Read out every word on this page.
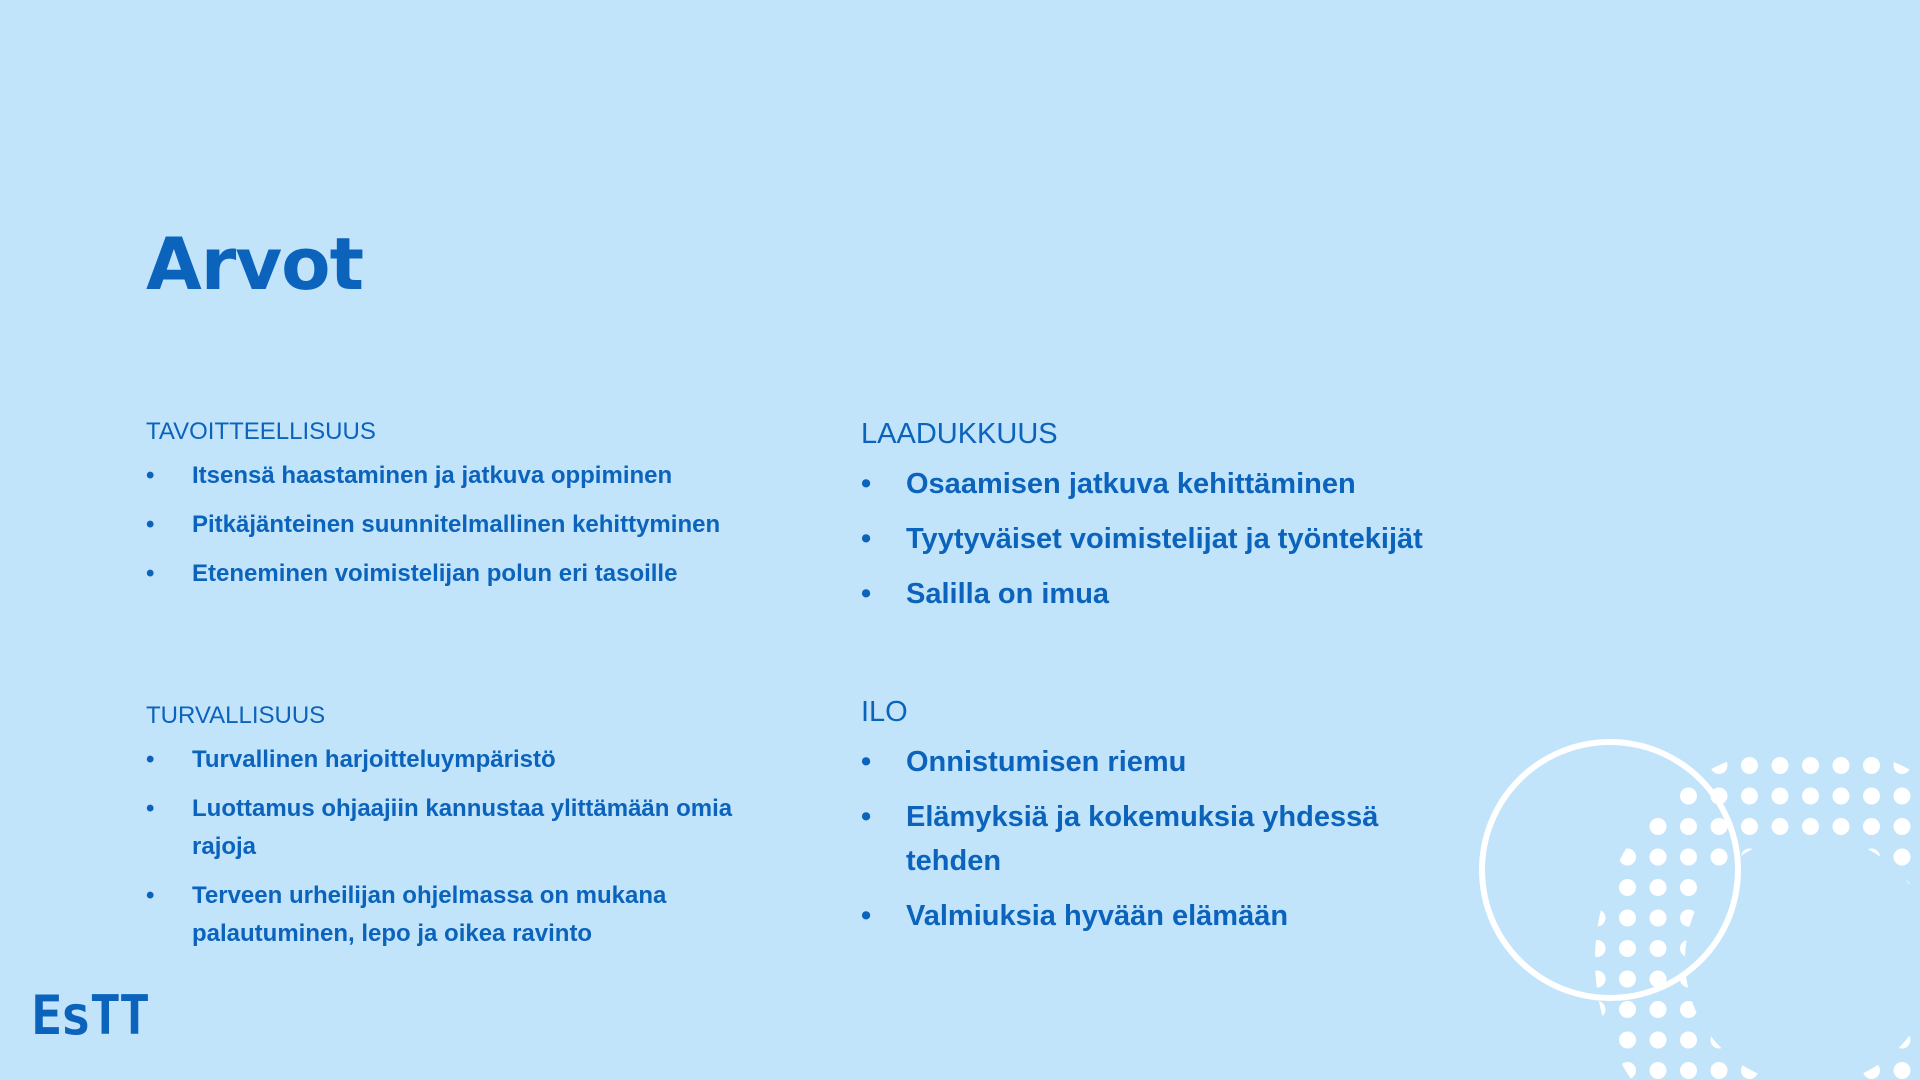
Arvot
TAVOITTEELLISUUS
• Itsensä haastaminen ja jatkuva oppiminen
• Pitkäjänteinen suunnitelmallinen kehittyminen
• Eteneminen voimistelijan polun eri tasoille
TURVALLISUUS
• Turvallinen harjoitteluympäristö
• Luottamus ohjaajiin kannustaa ylittämään omia rajoja
• Terveen urheilijan ohjelmassa on mukana palautuminen, lepo ja oikea ravinto
LAADUKKUUS
• Osaamisen jatkuva kehittäminen
• Tyytyväiset voimistelijat ja työntekijät
• Salilla on imua
ILO
• Onnistumisen riemu
• Elämyksiä ja kokemuksia yhdessä tehden
• Valmiuksia hyvään elämään
EsTT
